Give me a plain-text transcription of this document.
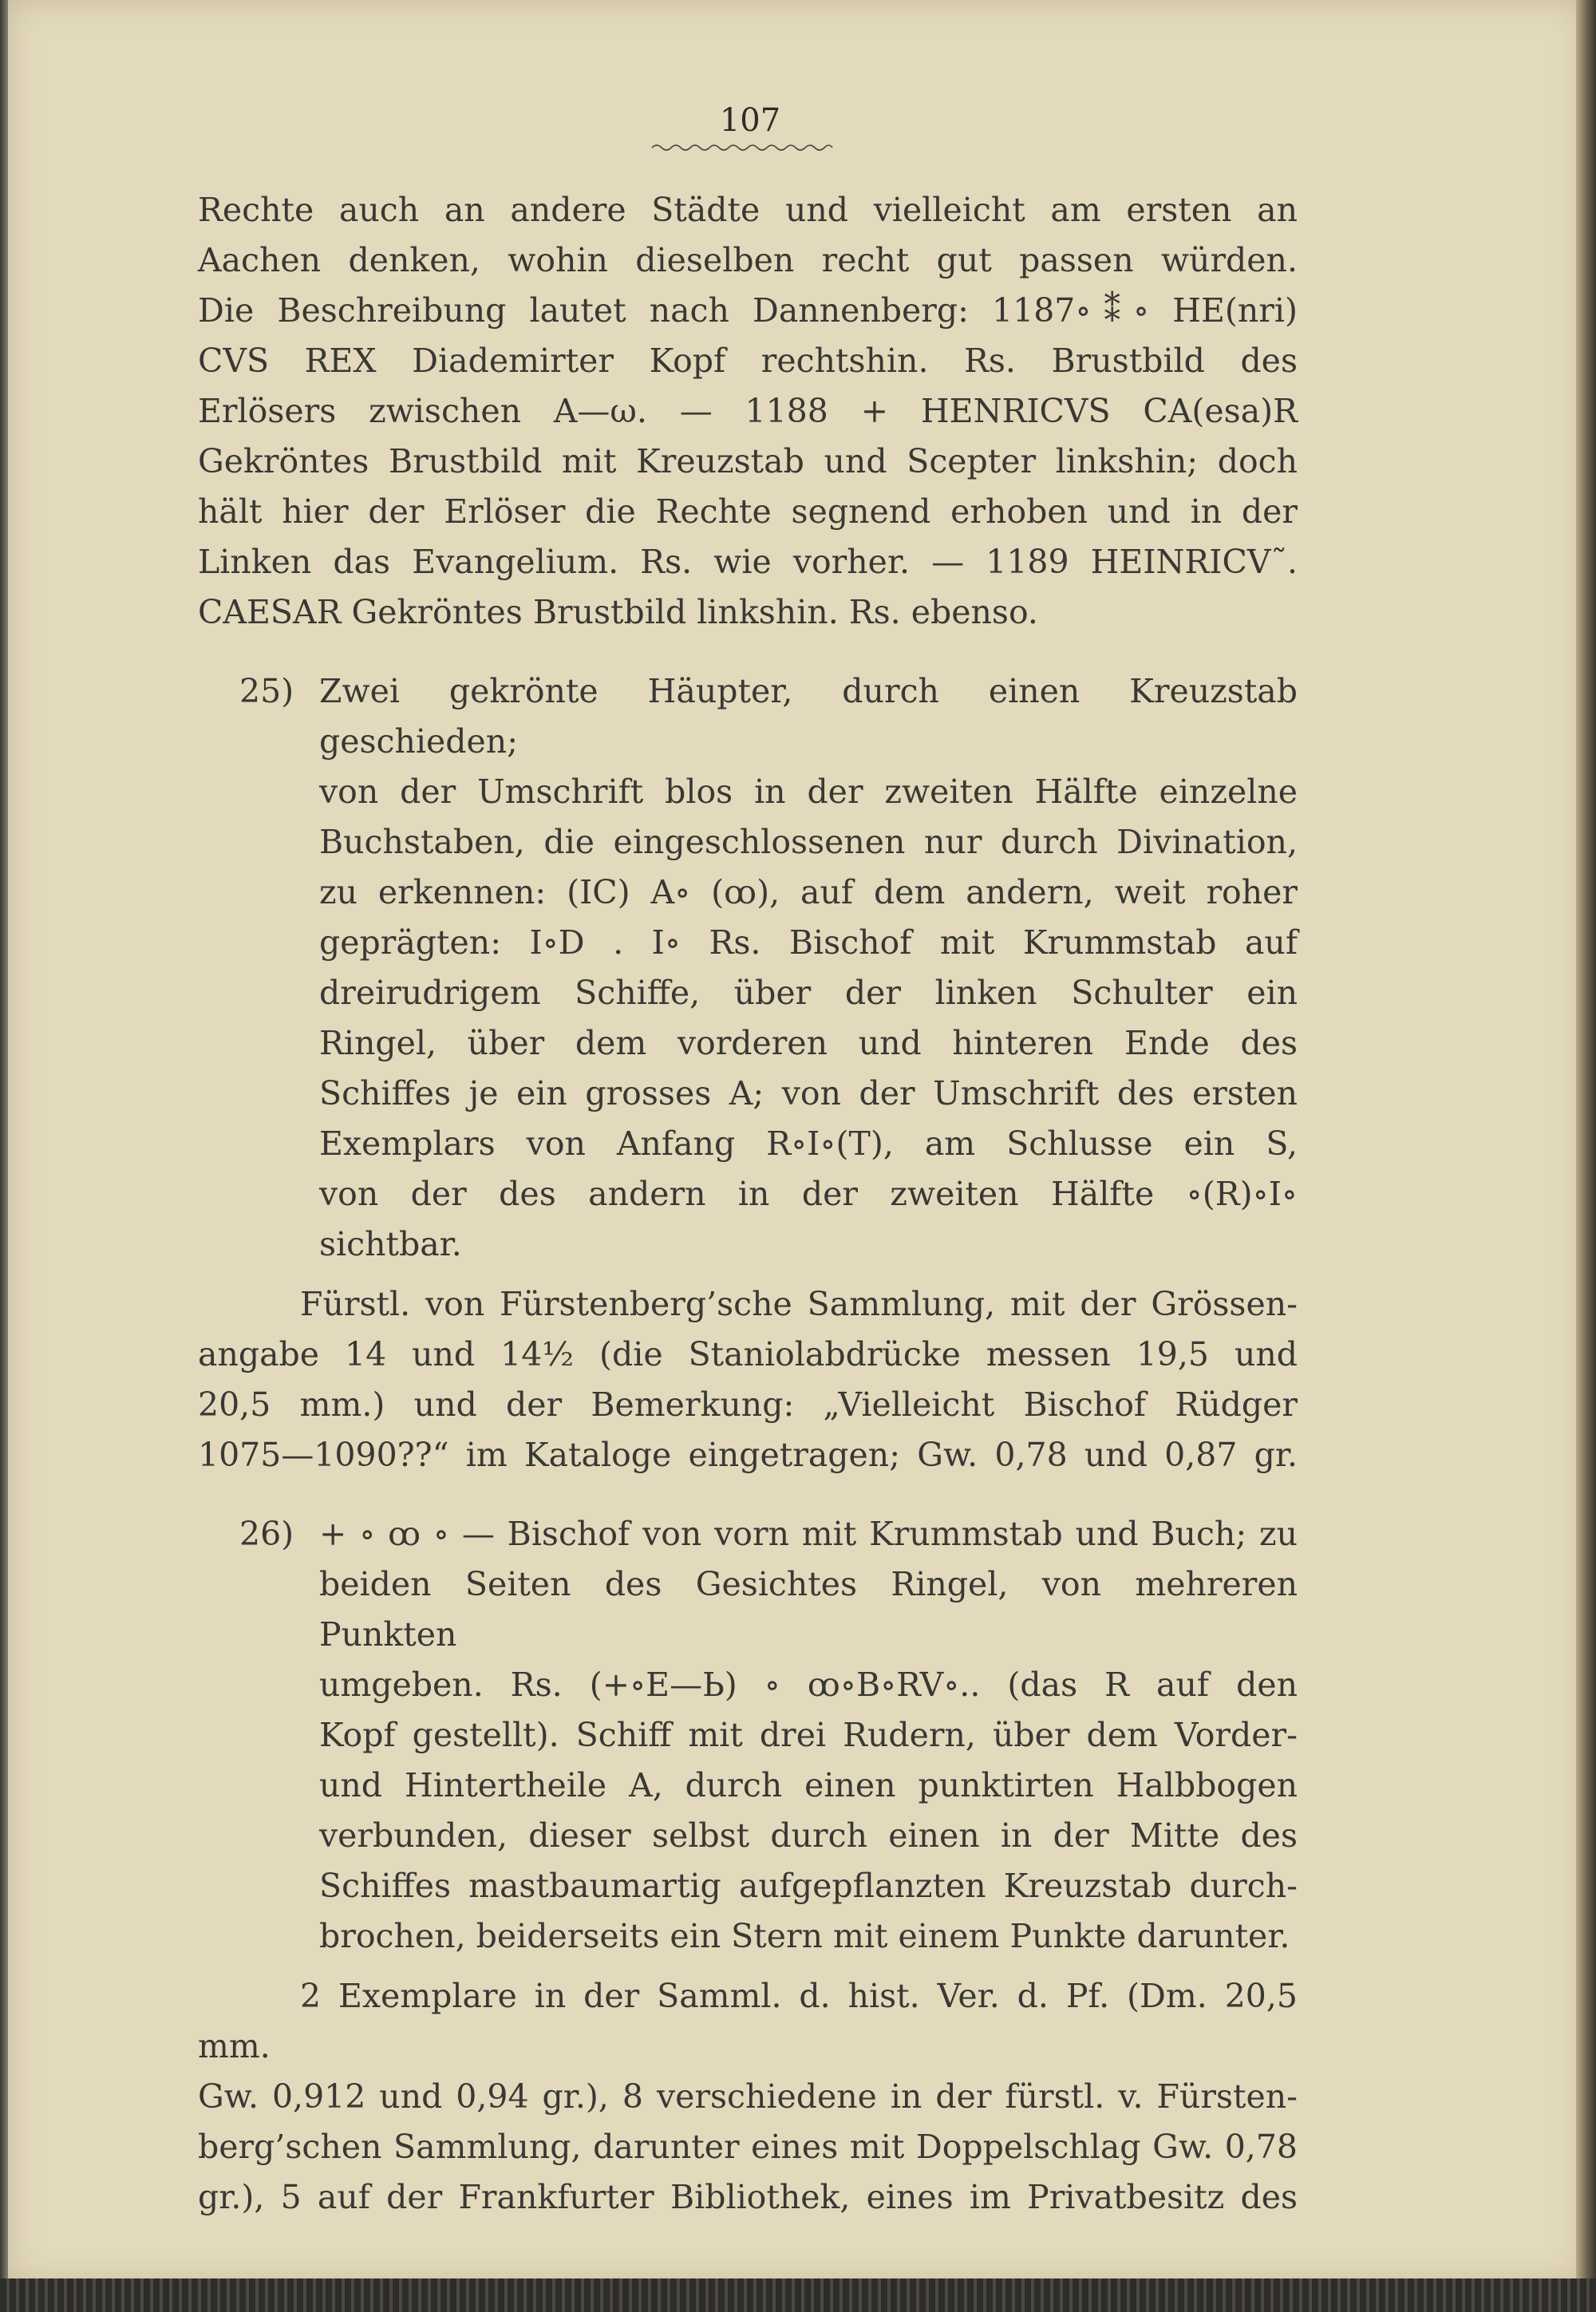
107

Rechte auch an andere Städte und vielleicht am ersten an

Aachen denken, wohin dieselben recht gut passen würden.

Die Beschreibung lautet nach Dannenberg: 1187∘⁑∘ HE(nri)

CVS REX Diademirter Kopf rechtshin. Rs. Brustbild des

Erlösers zwischen A—ω. — 1188 + HENRICVS CA(esa)R

Gekröntes Brustbild mit Kreuzstab und Scepter linkshin; doch

hält hier der Erlöser die Rechte segnend erhoben und in der

Linken das Evangelium. Rs. wie vorher. — 1189 HEINRICV˜.

CAESAR Gekröntes Brustbild linkshin. Rs. ebenso.

25) Zwei gekrönte Häupter, durch einen Kreuzstab geschieden;

von der Umschrift blos in der zweiten Hälfte einzelne

Buchstaben, die eingeschlossenen nur durch Divination,

zu erkennen: (IC) A∘ (ꝏ), auf dem andern, weit roher

geprägten: I∘D . I∘ Rs. Bischof mit Krummstab auf

dreirudrigem Schiffe, über der linken Schulter ein

Ringel, über dem vorderen und hinteren Ende des

Schiffes je ein grosses A; von der Umschrift des ersten

Exemplars von Anfang R∘I∘(T), am Schlusse ein S,

von der des andern in der zweiten Hälfte ∘(R)∘I∘

sichtbar.

Fürstl. von Fürstenberg’sche Sammlung, mit der Grössen-

angabe 14 und 14½ (die Staniolabdrücke messen 19,5 und

20,5 mm.) und der Bemerkung: „Vielleicht Bischof Rüdger

1075—1090??“ im Kataloge eingetragen; Gw. 0,78 und 0,87 gr.

26) + ∘ ꝏ ∘ — Bischof von vorn mit Krummstab und Buch; zu

beiden Seiten des Gesichtes Ringel, von mehreren Punkten

umgeben. Rs. (+∘E—Ь) ∘ ꝏ∘B∘RV∘.. (das R auf den

Kopf gestellt). Schiff mit drei Rudern, über dem Vorder-

und Hintertheile A, durch einen punktirten Halbbogen

verbunden, dieser selbst durch einen in der Mitte des

Schiffes mastbaumartig aufgepflanzten Kreuzstab durch-

brochen, beiderseits ein Stern mit einem Punkte darunter.

2 Exemplare in der Samml. d. hist. Ver. d. Pf. (Dm. 20,5 mm.

Gw. 0,912 und 0,94 gr.), 8 verschiedene in der fürstl. v. Fürsten-

berg’schen Sammlung, darunter eines mit Doppelschlag Gw. 0,78

gr.), 5 auf der Frankfurter Bibliothek, eines im Privatbesitz des
